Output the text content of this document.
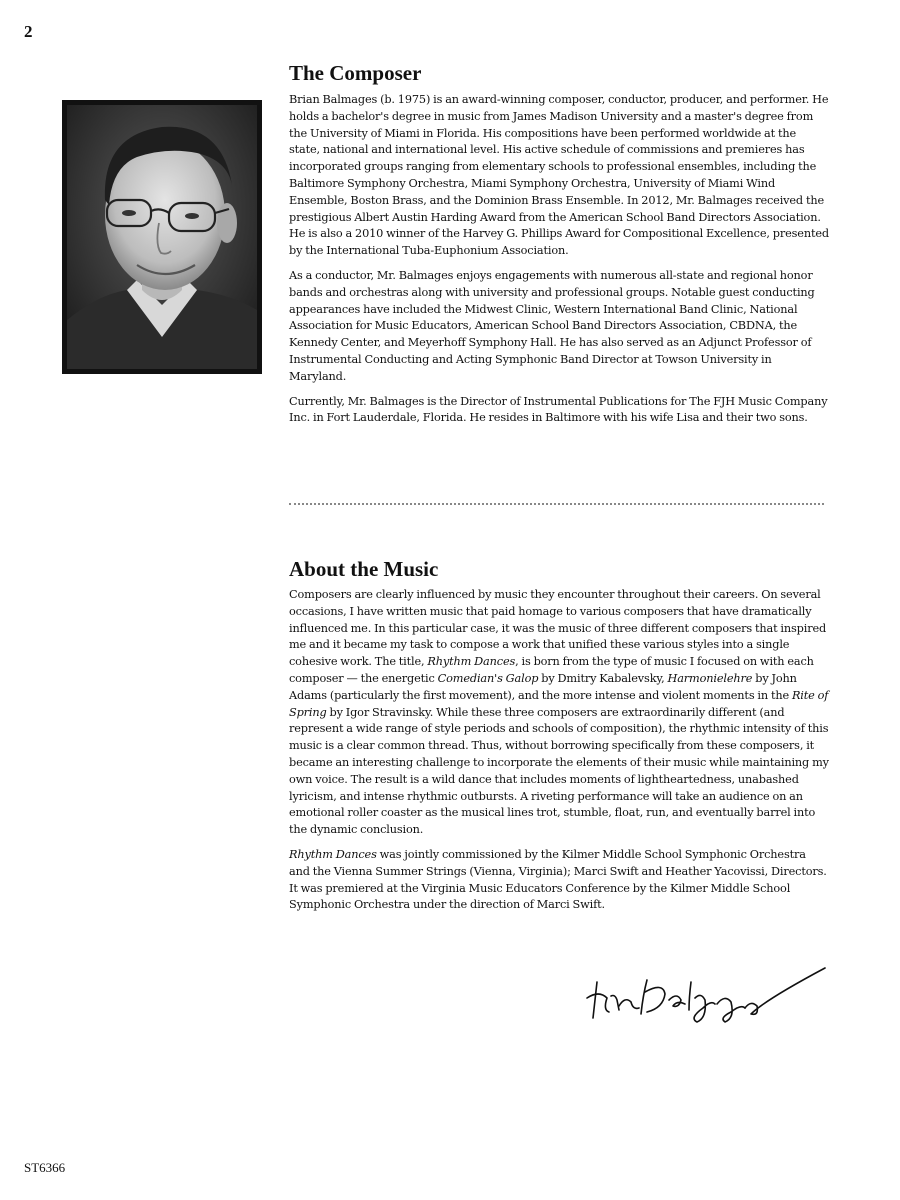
2
The Composer

Brian Balmages (b. 1975) is an award-winning composer, conductor, producer, and performer. He holds a bachelor's degree in music from James Madison University and a master's degree from the University of Miami in Florida. His compositions have been performed worldwide at the state, national and international level. His active schedule of commissions and premieres has incorporated groups ranging from elementary schools to professional ensembles, including the Baltimore Symphony Orchestra, Miami Symphony Orchestra, University of Miami Wind Ensemble, Boston Brass, and the Dominion Brass Ensemble. In 2012, Mr. Balmages received the prestigious Albert Austin Harding Award from the American School Band Directors Association. He is also a 2010 winner of the Harvey G. Phillips Award for Compositional Excellence, presented by the International Tuba-Euphonium Association.

As a conductor, Mr. Balmages enjoys engagements with numerous all-state and regional honor bands and orchestras along with university and professional groups. Notable guest conducting appearances have included the Midwest Clinic, Western International Band Clinic, National Association for Music Educators, American School Band Directors Association, CBDNA, the Kennedy Center, and Meyerhoff Symphony Hall. He has also served as an Adjunct Professor of Instrumental Conducting and Acting Symphonic Band Director at Towson University in Maryland.

Currently, Mr. Balmages is the Director of Instrumental Publications for The FJH Music Company Inc. in Fort Lauderdale, Florida. He resides in Baltimore with his wife Lisa and their two sons.

About the Music

Composers are clearly influenced by music they encounter throughout their careers. On several occasions, I have written music that paid homage to various composers that have dramatically influenced me. In this particular case, it was the music of three different composers that inspired me and it became my task to compose a work that unified these various styles into a single cohesive work. The title, Rhythm Dances, is born from the type of music I focused on with each composer — the energetic Comedian's Galop by Dmitry Kabalevsky, Harmonielehre by John Adams (particularly the first movement), and the more intense and violent moments in the Rite of Spring by Igor Stravinsky. While these three composers are extraordinarily different (and represent a wide range of style periods and schools of composition), the rhythmic intensity of this music is a clear common thread. Thus, without borrowing specifically from these composers, it became an interesting challenge to incorporate the elements of their music while maintaining my own voice. The result is a wild dance that includes moments of lightheartedness, unabashed lyricism, and intense rhythmic outbursts. A riveting performance will take an audience on an emotional roller coaster as the musical lines trot, stumble, float, run, and eventually barrel into the dynamic conclusion.

Rhythm Dances was jointly commissioned by the Kilmer Middle School Symphonic Orchestra and the Vienna Summer Strings (Vienna, Virginia); Marci Swift and Heather Yacovissi, Directors. It was premiered at the Virginia Music Educators Conference by the Kilmer Middle School Symphonic Orchestra under the direction of Marci Swift.

ST6366
